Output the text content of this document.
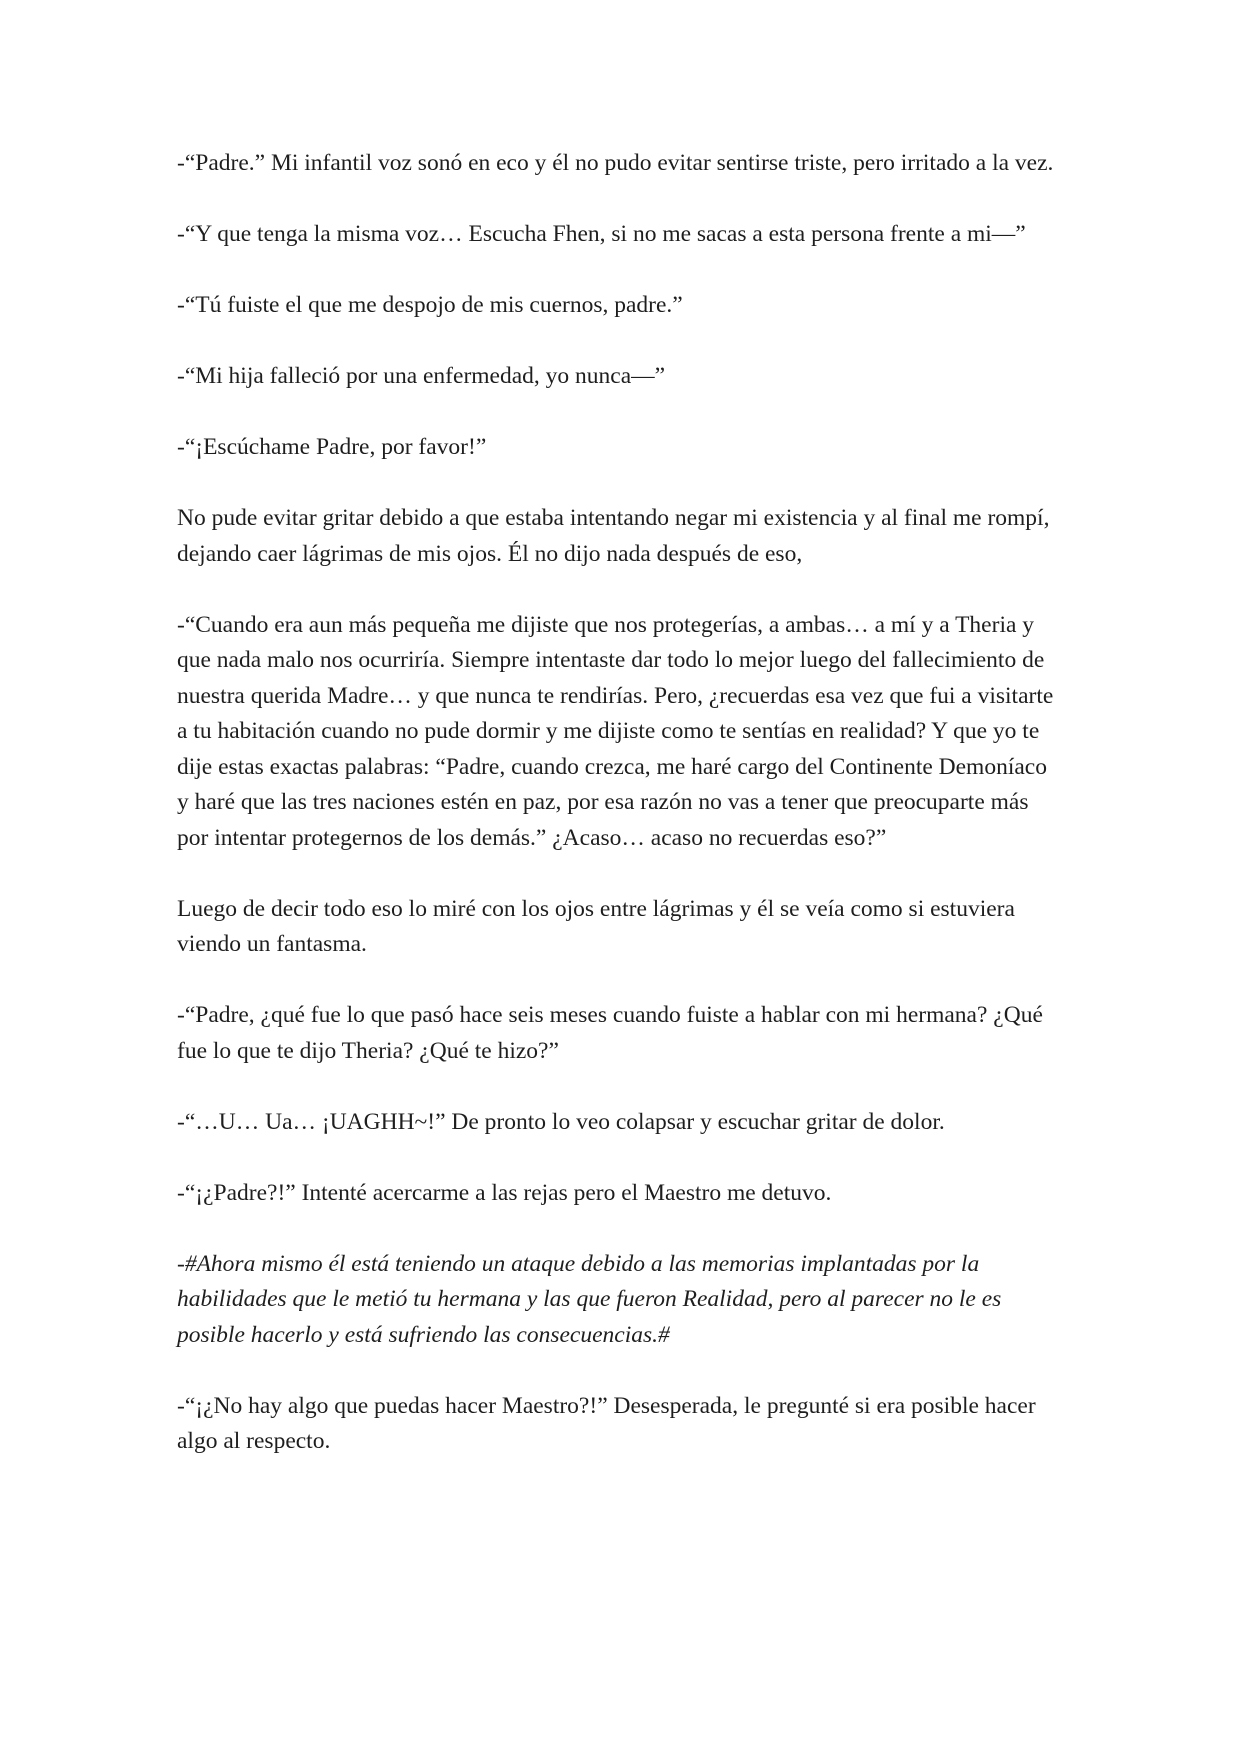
-“Padre.” Mi infantil voz sonó en eco y él no pudo evitar sentirse triste, pero irritado a la vez.

-“Y que tenga la misma voz… Escucha Fhen, si no me sacas a esta persona frente a mi—”

-“Tú fuiste el que me despojo de mis cuernos, padre.”

-“Mi hija falleció por una enfermedad, yo nunca—”

-“¡Escúchame Padre, por favor!”

No pude evitar gritar debido a que estaba intentando negar mi existencia y al final me rompí, dejando caer lágrimas de mis ojos. Él no dijo nada después de eso,

-“Cuando era aun más pequeña me dijiste que nos protegerías, a ambas… a mí y a Theria y que nada malo nos ocurriría. Siempre intentaste dar todo lo mejor luego del fallecimiento de nuestra querida Madre… y que nunca te rendirías. Pero, ¿recuerdas esa vez que fui a visitarte a tu habitación cuando no pude dormir y me dijiste como te sentías en realidad? Y que yo te dije estas exactas palabras: “Padre, cuando crezca, me haré cargo del Continente Demoníaco y haré que las tres naciones estén en paz, por esa razón no vas a tener que preocuparte más por intentar protegernos de los demás.” ¿Acaso… acaso no recuerdas eso?”

Luego de decir todo eso lo miré con los ojos entre lágrimas y él se veía como si estuviera viendo un fantasma.

-“Padre, ¿qué fue lo que pasó hace seis meses cuando fuiste a hablar con mi hermana? ¿Qué fue lo que te dijo Theria? ¿Qué te hizo?”

-“…U… Ua… ¡UAGHH~!” De pronto lo veo colapsar y escuchar gritar de dolor.

-“¡¿Padre?!” Intenté acercarme a las rejas pero el Maestro me detuvo.

-#Ahora mismo él está teniendo un ataque debido a las memorias implantadas por la habilidades que le metió tu hermana y las que fueron Realidad, pero al parecer no le es posible hacerlo y está sufriendo las consecuencias.#

-“¡¿No hay algo que puedas hacer Maestro?!” Desesperada, le pregunté si era posible hacer algo al respecto.
